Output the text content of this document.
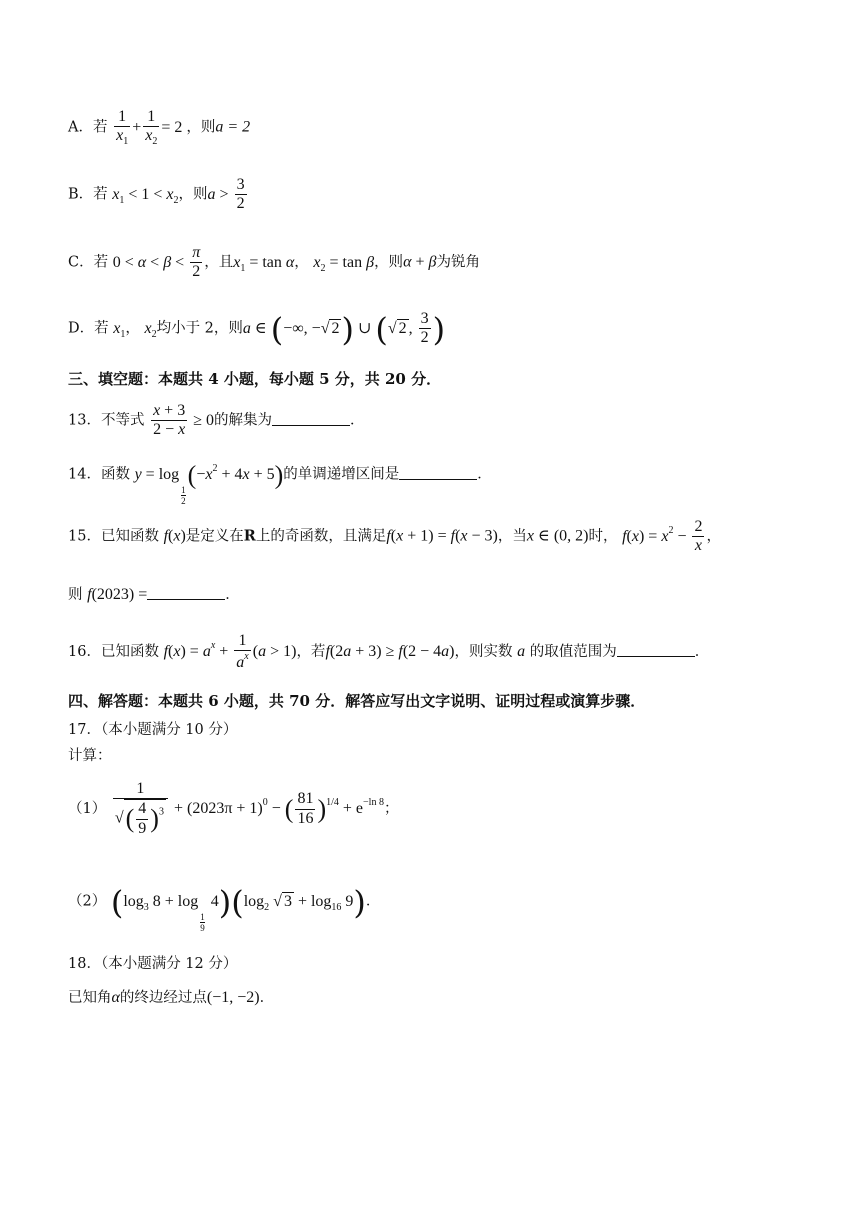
A．若 $\frac{1}{x_1} + \frac{1}{x_2} = 2$ ，则a = 2
B．若 $x_1 < 1 < x_2$，则$a > \frac{3}{2}$
C．若 $0 < \alpha < \beta < \frac{\pi}{2}$ ，且$x_1 = \tan \alpha$， $x_2 = \tan \beta$，则α + β为锐角
D．若 $x_1$， $x_2$均小于 2，则a ∈ (−∞, −√ 2) ∪ (√ 2 , $\frac{3}{2}$ )
三、填空题：本题共 4 小题，每小题 5 分，共 20 分．
13．不等式 $\frac{x + 3}{2 - x} \ge 0$的解集为	．
14．函数 y = log
$\frac{1}{2}$
$(-x^2 + 4x + 5)$的单调递增区间是	．
15．已知函数 f(x)是定义在R上的奇函数，且满足f(x + 1) = f(x − 3)，当x ∈ (0, 2)时， $f(x) = x^2 - \frac{2}{x}$ ，
则 f(2023) =	．
16．已知函数 $f(x) = a^x + \frac{1}{a^x} (a > 1)$，若f(2a + 3) ≥ f(2 − 4a)，则实数 a 的取值范围为	．
四、解答题：本题共 6 小题，共 70 分．解答应写出文字说明、证明过程或演算步骤．
17．（本小题满分 10 分）
计算：
$(1) \frac{1}{√( \frac{4}{9} )^3} + (2023\pi + 1)^0$ − ( $\frac{81}{16} )^{1/4} + e^{-ln 8}$；
（2） ($\log_3$ 8 + log
$\frac{1}{9}$
$4)(\log_2$ √ $3 + \log_{16} 9$)．
18．（本小题满分 12 分）
已知角α的终边经过点(−1, −2)．
